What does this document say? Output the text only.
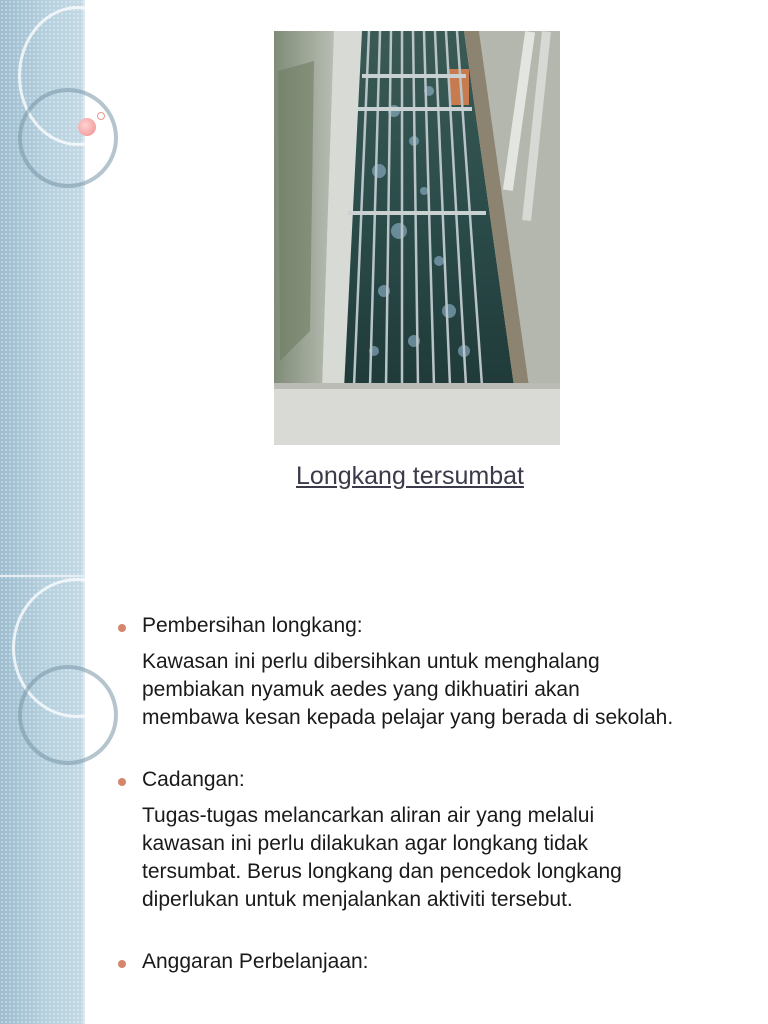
Longkang tersumbat
Pembersihan longkang:
Kawasan ini perlu dibersihkan untuk menghalang pembiakan nyamuk aedes yang dikhuatiri akan membawa kesan kepada pelajar yang berada di sekolah.
Cadangan:
Tugas-tugas melancarkan aliran air yang melalui kawasan ini perlu dilakukan agar longkang tidak tersumbat. Berus longkang dan pencedok longkang diperlukan untuk menjalankan aktiviti tersebut.
Anggaran Perbelanjaan:
